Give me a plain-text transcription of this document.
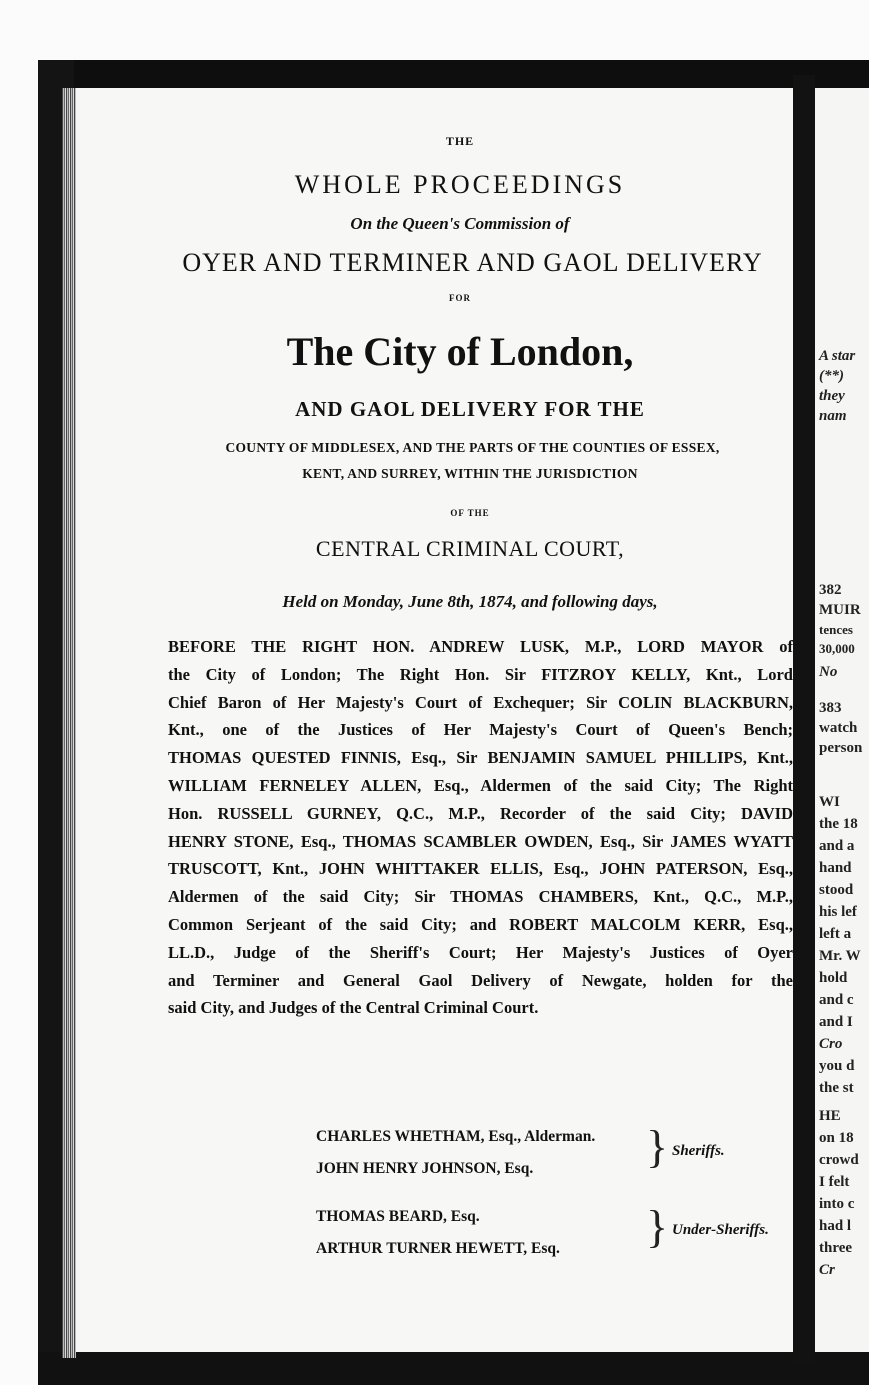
A star
(**)
they
nam
382
MUIR
tences
30,000
No
383
watch
person
WI
the 18
and a
hand
stood
his lef
left a
Mr. W
hold
and c
and I
Cro
you d
the st
HE
on 18
crowd
I felt
into c
had l
three
Cr
THE
WHOLE PROCEEDINGS
On the Queen's Commission of
OYER AND TERMINER AND GAOL DELIVERY
FOR
The City of London,
AND GAOL DELIVERY FOR THE
COUNTY OF MIDDLESEX, AND THE PARTS OF THE COUNTIES OF ESSEX,
KENT, AND SURREY, WITHIN THE JURISDICTION
OF THE
CENTRAL CRIMINAL COURT,
Held on Monday, June 8th, 1874, and following days,
BEFORE THE RIGHT HON. ANDREW LUSK, M.P., LORD MAYOR of
the City of London; The Right Hon. Sir FITZROY KELLY, Knt., Lord
Chief Baron of Her Majesty's Court of Exchequer; Sir COLIN BLACKBURN,
Knt., one of the Justices of Her Majesty's Court of Queen's Bench;
THOMAS QUESTED FINNIS, Esq., Sir BENJAMIN SAMUEL PHILLIPS, Knt.,
WILLIAM FERNELEY ALLEN, Esq., Aldermen of the said City; The Right
Hon. RUSSELL GURNEY, Q.C., M.P., Recorder of the said City; DAVID
HENRY STONE, Esq., THOMAS SCAMBLER OWDEN, Esq., Sir JAMES WYATT
TRUSCOTT, Knt., JOHN WHITTAKER ELLIS, Esq., JOHN PATERSON, Esq.,
Aldermen of the said City; Sir THOMAS CHAMBERS, Knt., Q.C., M.P.,
Common Serjeant of the said City; and ROBERT MALCOLM KERR, Esq.,
LL.D., Judge of the Sheriff's Court; Her Majesty's Justices of Oyer
and Terminer and General Gaol Delivery of Newgate, holden for the
said City, and Judges of the Central Criminal Court.
CHARLES WHETHAM, Esq., Alderman.
JOHN HENRY JOHNSON, Esq. } Sheriffs.
THOMAS BEARD, Esq.
ARTHUR TURNER HEWETT, Esq. } Under-Sheriffs.
